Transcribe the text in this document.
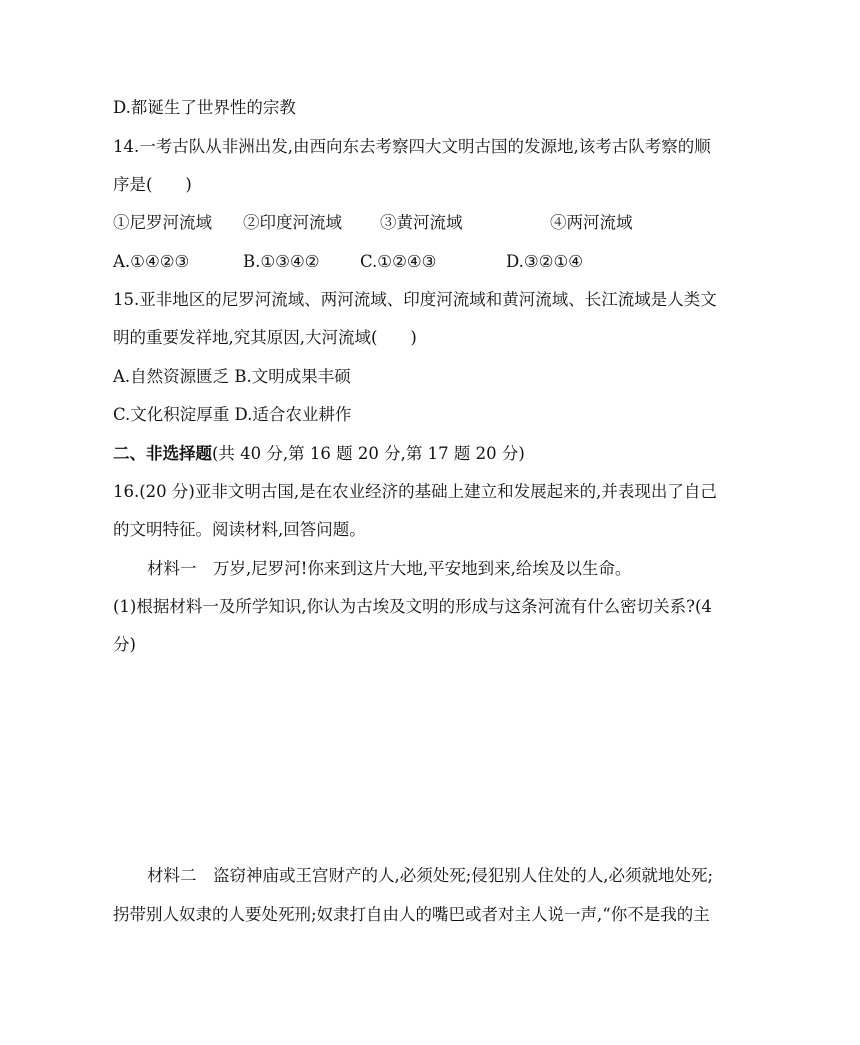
D.都诞生了世界性的宗教
14.一考古队从非洲出发,由西向东去考察四大文明古国的发源地,该考古队考察的顺
序是(　　)
①尼罗河流域 ②印度河流域 ③黄河流域	④两河流域
A.①④②③	B.①③④② C.①②④③	D.③②①④
15.亚非地区的尼罗河流域、两河流域、印度河流域和黄河流域、长江流域是人类文
明的重要发祥地,究其原因,大河流域(　　)
A.自然资源匮乏 B.文明成果丰硕
C.文化积淀厚重 D.适合农业耕作
二、非选择题(共 40 分,第 16 题 20 分,第 17 题 20 分)
16.(20 分)亚非文明古国,是在农业经济的基础上建立和发展起来的,并表现出了自己
的文明特征。阅读材料,回答问题。
材料一　万岁,尼罗河!你来到这片大地,平安地到来,给埃及以生命。
(1)根据材料一及所学知识,你认为古埃及文明的形成与这条河流有什么密切关系?(4
分)
材料二　盗窃神庙或王宫财产的人,必须处死;侵犯别人住处的人,必须就地处死;
拐带别人奴隶的人要处死刑;奴隶打自由人的嘴巴或者对主人说一声,“你不是我的主
